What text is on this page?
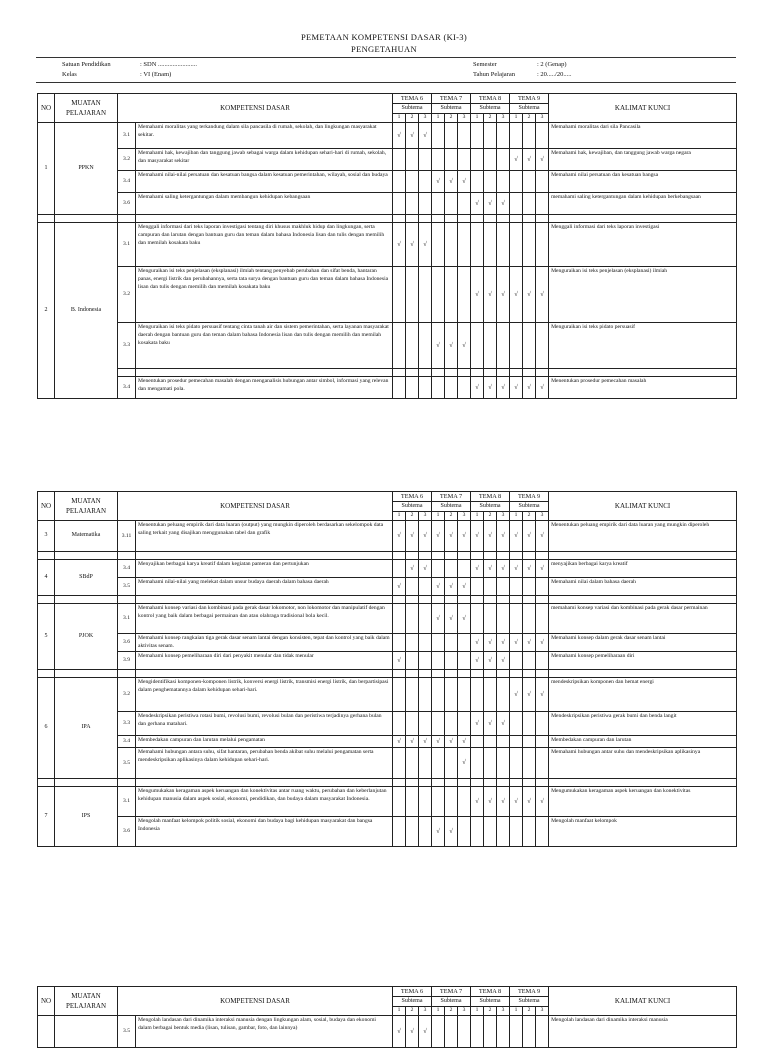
PEMETAAN KOMPETENSI DASAR (KI-3)
PENGETAHUAN
Satuan Pendidikan	: SDN ........................
Kelas	: VI (Enam)
Semester	: 2 (Genap)
Tahun Pelajaran	: 20...../20.....
NO	MUATAN
PELAJARAN	KOMPETENSI DASAR		TEMA 6			TEMA 7			TEMA 8			TEMA 9			KALIMAT KUNCI	
				Subtema			Subtema			Subtema			Subtema				
				1	2	3	1	2	3	1	2	3	1	2	3		
1	PPKN	3.1	Memahami moralitas yang terkandung dalam sila pancasila di rumah, sekolah, dan lingkungan masyarakat sekitar.	√	√	√										Memahami moralitas dari sila Pancasila	
		3.2	Memahami hak, kewajiban dan tanggung jawab sebagai warga dalam kehidupan sehari-hari di rumah, sekolah, dan masyarakat sekitar										√	√	√	Memahami hak, kewajiban, dan tanggung jawab warga negara	
		3.4	Memahami nilai-nilai persatuan dan kesatuan bangsa dalam kesatuan pemerintahan, wilayah, sosial dan budaya				√	√	√							Memahami nilai persatuan dan kesatuan bangsa	
		3.6	Memahami saling ketergantungan dalam membangun kehidupan kebangsaan							√	√	√				memahami saling ketergantungan dalam kehidupan berkebangsaan	

2	B. Indonesia	3.1	Menggali informasi dari teks laporan investigasi tentang diri khusus makhluk hidup dan lingkungan, serta campuran dan larutan dengan bantuan guru dan teman dalam bahasa Indonesia lisan dan tulis dengan memilih dan memilah kosakata baku	√	√	√										Menggali informasi dari teks laporan investigasi	
		3.2	Menguraikan isi teks penjelasan (eksplanasi) ilmiah tentang penyebab perubahan dan sifat benda, hantaran panas, energi listrik dan perubahannya, serta tata surya dengan bantuan guru dan teman dalam bahasa Indonesia lisan dan tulis dengan memilih dan memilah kosakata baku							√	√	√	√	√	√	Menguraikan isi teks penjelasan (eksplanasi) ilmiah	
		3.3	Menguraikan isi teks pidato persuasif tentang cinta tanah air dan sistem pemerintahan, serta layanan masyarakat daerah dengan bantuan guru dan teman dalam bahasa Indonesia lisan dan tulis dengan memilih dan memilah kosakata baku				√	√	√							Menguraikan isi teks pidato persuasif	

		3.4	Menentukan prosedur pemecahan masalah dengan menganalisis hubungan antar simbol, informasi yang relevan dan mengamati pola.							√	√	√	√	√	√	Menentukan prosedur pemecahan masalah	
NO	MUATAN
PELAJARAN	KOMPETENSI DASAR		TEMA 6			TEMA 7			TEMA 8			TEMA 9			KALIMAT KUNCI
				Subtema			Subtema			Subtema			Subtema			
				1	2	3	1	2	3	1	2	3	1	2	3	
3	Matematika	3.11	Menentukan peluang empirik dari data luaran (output) yang mungkin diperoleh berdasarkan sekelompok data saling terkait yang disajikan menggunakan tabel dan grafik	√	√	√	√	√	√	√	√	√	√	√	√	Menentukan peluang empirik dari data luaran yang mungkin diperoleh

4	SBdP	3.4	Menyajikan berbagai karya kreatif dalam kegiatan pameran dan pertunjukan		√	√				√	√	√	√	√	√	menyajikan berbagai karya kreatif
		3.5	Memahami nilai-nilai yang melekat dalam unsur budaya daerah dalam bahasa daerah	√			√	√	√							Memahami nilai dalam bahasa daerah

5	PJOK	3.1	Memahami konsep variasi dan kombinasi pada gerak dasar lokomotor, non lokomotor dan manipulatif dengan kontrol yang baik dalam berbagai permainan dan atau olahraga tradisional bola kecil.				√	√	√							memahami konsep variasi dan kombinasi pada gerak dasar permainan
		3.6	Memahami konsep rangkaian tiga gerak dasar senam lantai dengan konsisten, tepat dan kontrol yang baik dalam aktivitas senam.							√	√	√	√	√	√	Memahami konsep dalam gerak dasar senam lantai
		3.9	Memahami konsep pemeliharaan diri dari penyakit menular dan tidak menular	√						√	√	√				Memahami konsep pemeliharaan diri

6	IPA	3.2	Mengidentifikasi komponen-komponen listrik, konversi energi listrik, transmisi energi listrik, dan berpartisipasi dalam penghematannya dalam kehidupan sehari-hari.										√	√	√	mendeskripsikan komponen dan hemat energi
		3.3	Mendeskripsikan peristiwa rotasi bumi, revolusi bumi, revolusi bulan dan peristiwa terjadinya gerhana bulan dan gerhana matahari.							√	√	√				Mendeskripsikan peristiwa gerak bumi dan benda langit
		3.4	Membedakan campuran dan larutan melalui pengamatan	√	√	√	√	√	√							Membedakan campuran dan larutan
		3.5	Memahami hubungan antara suhu, sifat hantaran, perubahan benda akibat suhu melalui pengamatan serta mendeskripsikan aplikasinya dalam kehidupan sehari-hari.						√							Memahami hubungan antar suhu dan mendeskripsikan aplikasinya

7	IPS	3.1	Mengumukakan keragaman aspek keruangan dan konektivitas antar ruang waktu, perubahan dan keberlanjutan kehidupan manusia dalam aspek sosial, ekonomi, pendidikan, dan budaya dalam masyarakat Indonesia.							√	√	√	√	√	√	Mengumukakan keragaman aspek keruangan dan konektivitas
		3.6	Mengolah manfaat kelompok politik sosial, ekonomi dan budaya bagi kehidupan masyarakat dan bangsa Indonesia				√	√								Mengolah manfaat kelompok
NO	MUATAN
PELAJARAN	KOMPETENSI DASAR		TEMA 6			TEMA 7			TEMA 8			TEMA 9			KALIMAT KUNCI
				Subtema			Subtema			Subtema			Subtema			
				1	2	3	1	2	3	1	2	3	1	2	3	
		3.5	Mengolah landasan dari dinamika interaksi manusia dengan lingkungan alam, sosial, budaya dan ekonomi dalam berbagai bentuk media (lisan, tulisan, gambar, foto, dan lainnya)	√	√	√										Mengolah landasan dari dinamika interaksi manusia
